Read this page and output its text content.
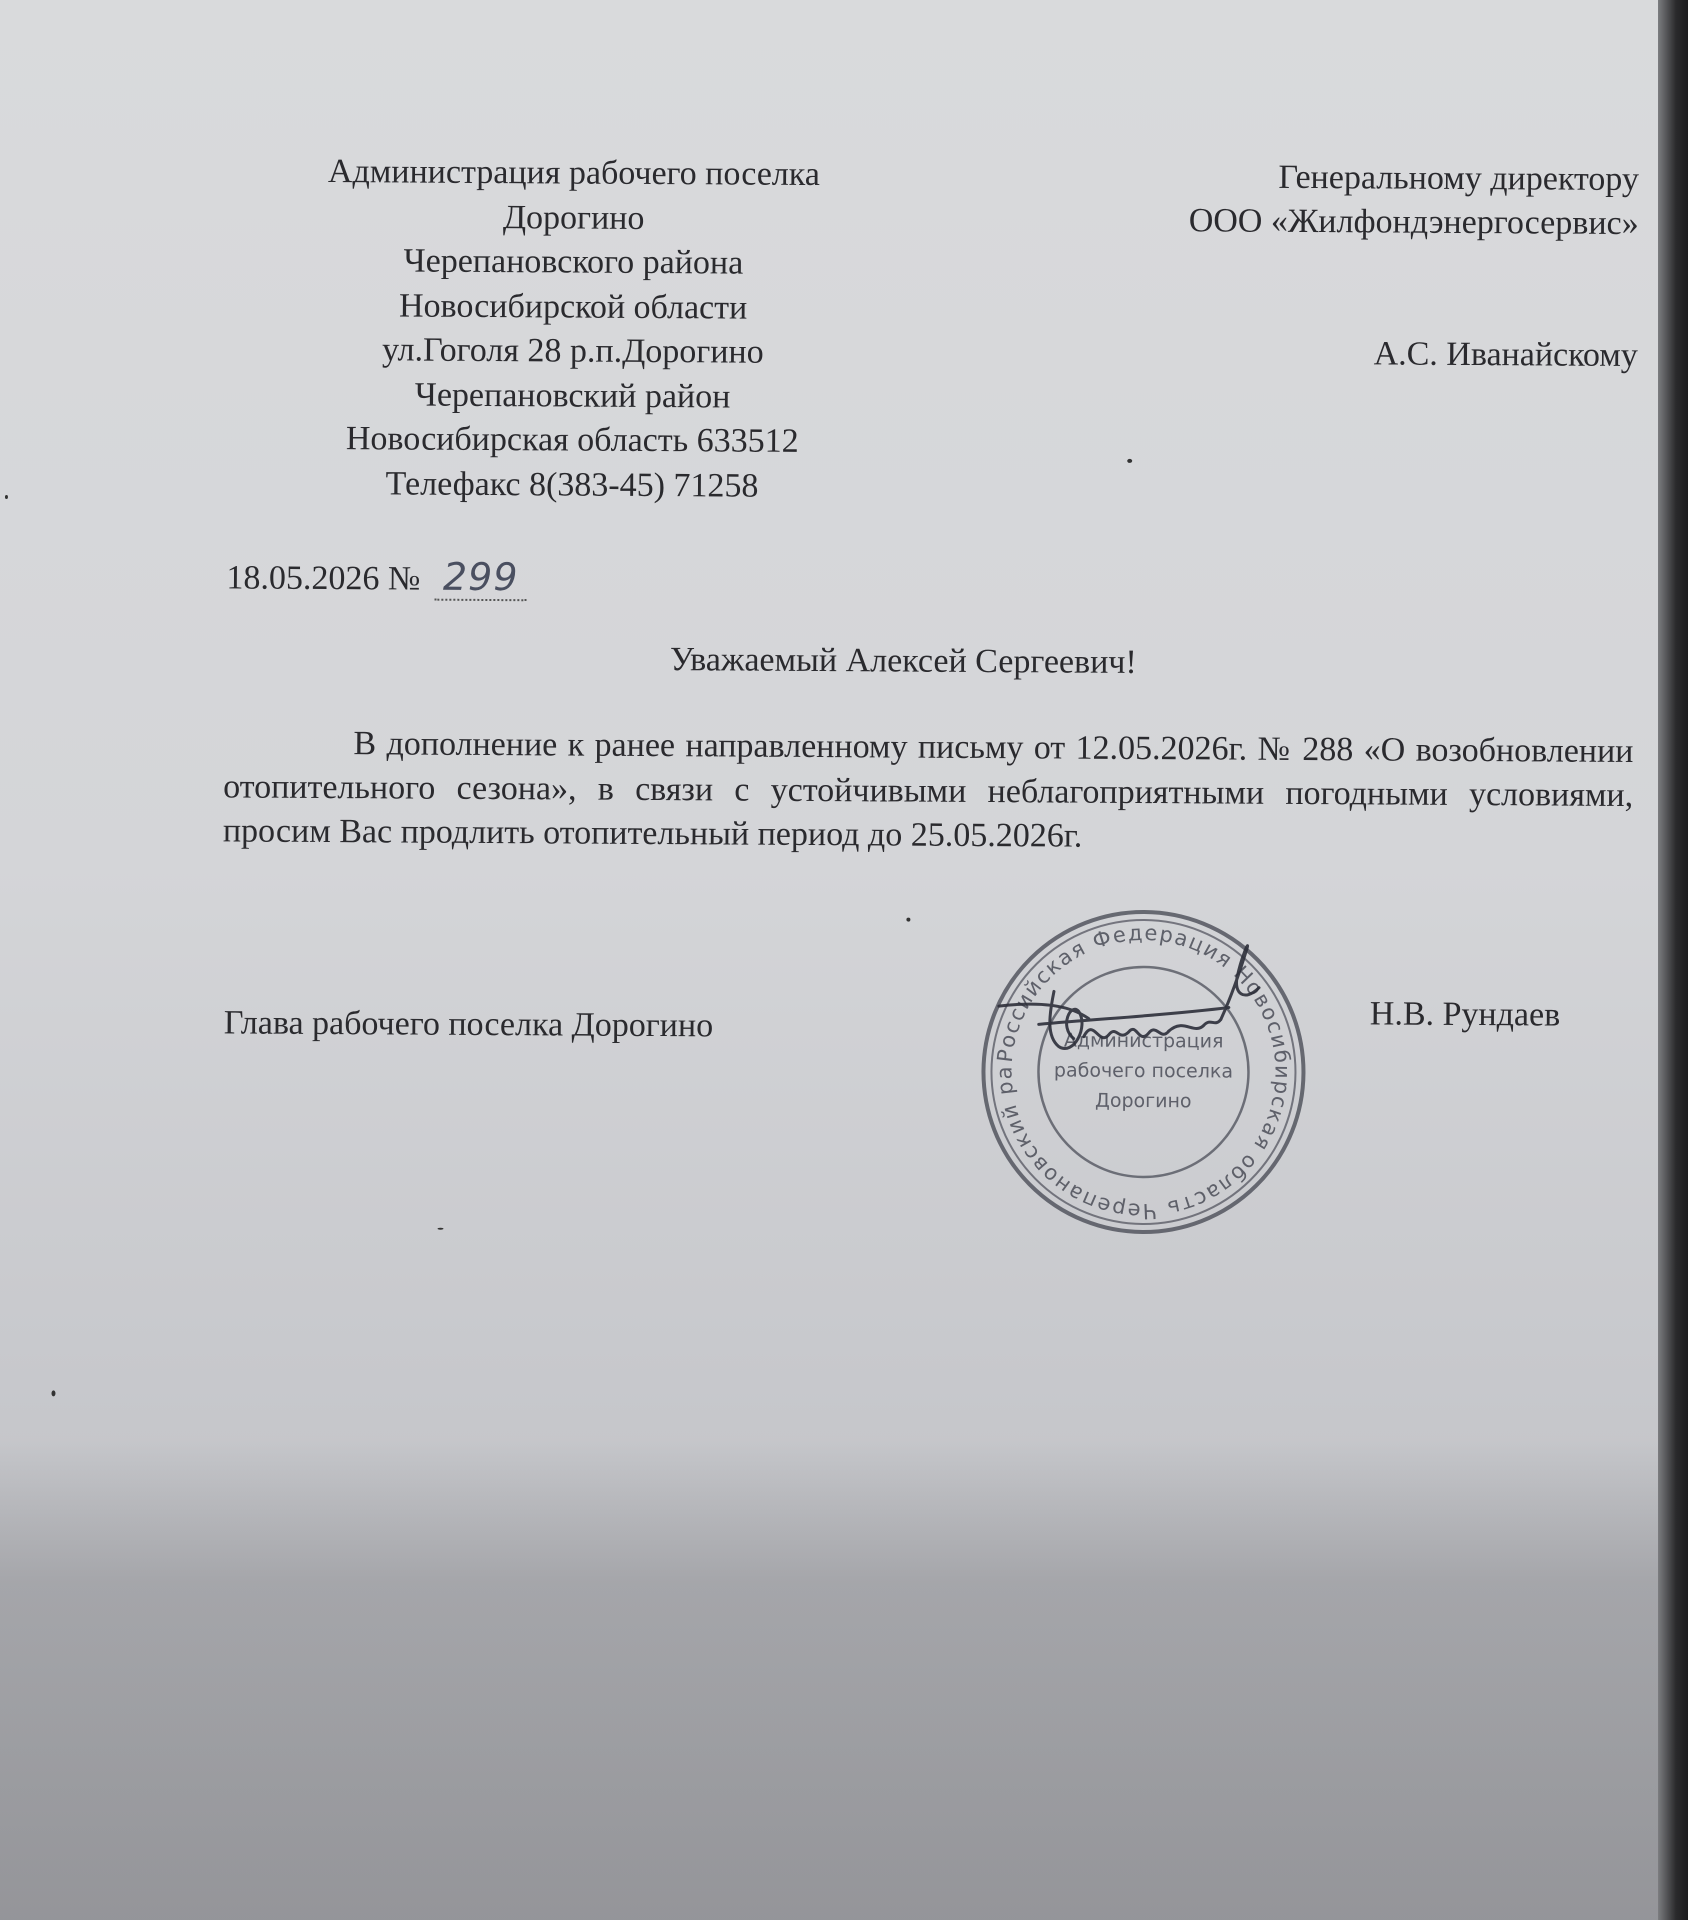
Администрация рабочего поселка
Дорогино
Черепановского района
Новосибирской области
ул.Гоголя 28 р.п.Дорогино
Черепановский район
Новосибирская область 633512
Телефакс 8(383-45) 71258
Генеральному директору
ООО «Жилфондэнергосервис»
А.С. Иванайскому
18.05.2026 № 299
Уважаемый Алексей Сергеевич!
В дополнение к ранее направленному письму от 12.05.2026г. № 288 «О возобновлении отопительного сезона», в связи с устойчивыми неблагоприятными погодными условиями, просим Вас продлить отопительный период до 25.05.2026г.
Глава рабочего поселка Дорогино
Российская Федерация Новосибирская область Черепановский район
Администрация
рабочего поселка
Дорогино
Н.В. Рундаев
